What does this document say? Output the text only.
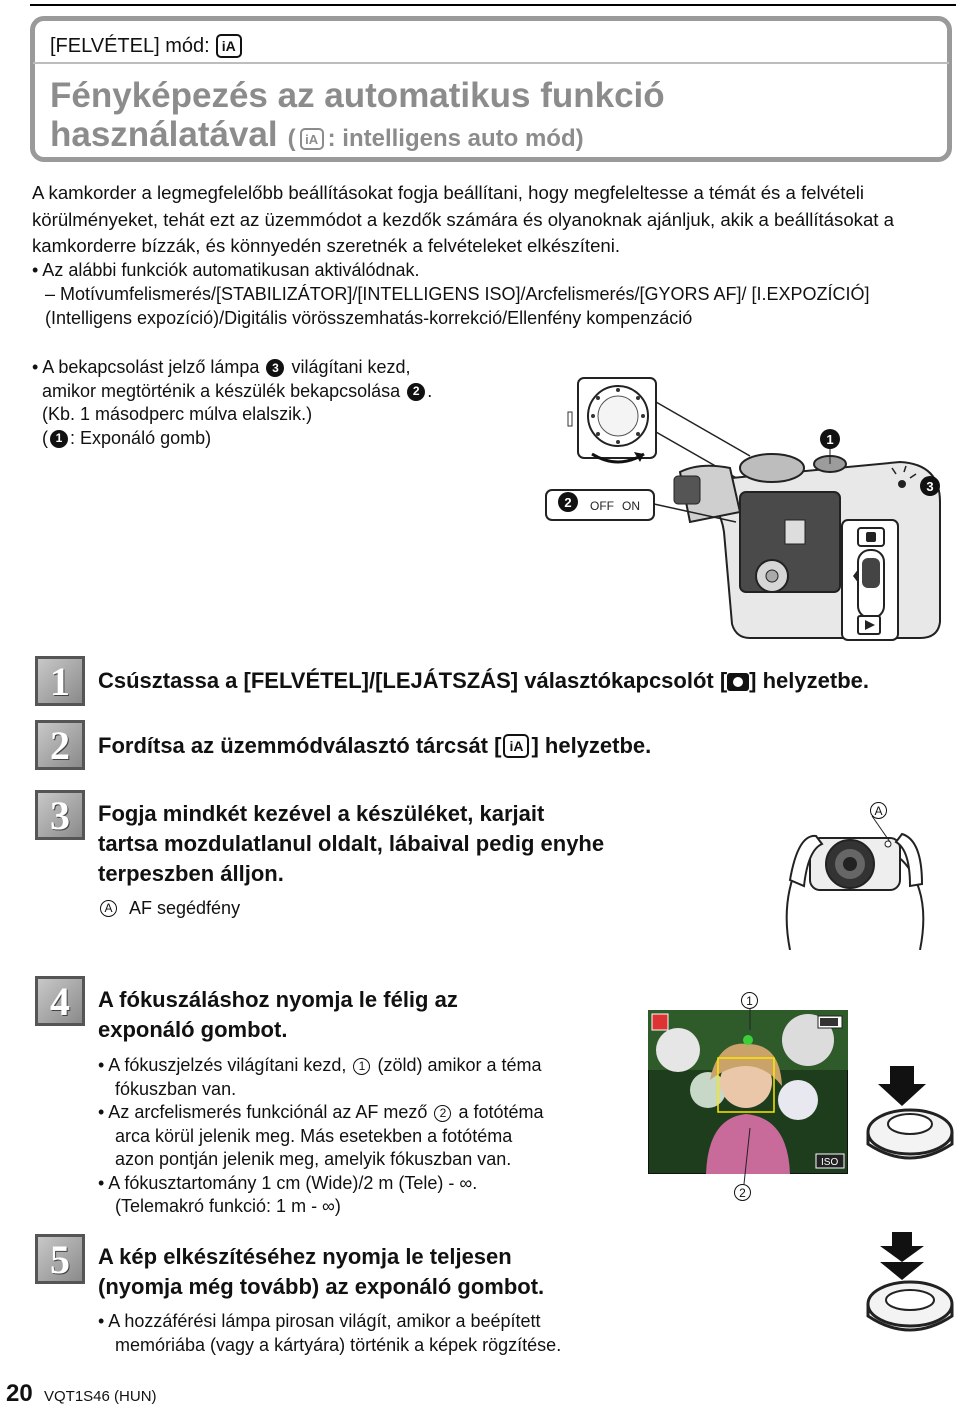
[FELVÉTEL] mód: iA
Fényképezés az automatikus funkció
használatával ( iA : intelligens auto mód)
A kamkorder a legmegfelelőbb beállításokat fogja beállítani, hogy megfeleltesse a témát és a felvételi körülményeket, tehát ezt az üzemmódot a kezdők számára és olyanoknak ajánljuk, akik a beállításokat a kamkorderre bízzák, és könnyedén szeretnék a felvételeket elkészíteni.
• Az alábbi funkciók automatikusan aktiválódnak.
– Motívumfelismerés/[STABILIZÁTOR]/[INTELLIGENS ISO]/Arcfelismerés/[GYORS AF]/ [I.EXPOZÍCIÓ] (Intelligens expozíció)/Digitális vörösszemhatás-korrekció/Ellenfény kompenzáció
• A bekapcsolást jelző lámpa 3 világítani kezd,
amikor megtörténik a készülék bekapcsolása 2 .
(Kb. 1 másodperc múlva elalszik.)
( 1 : Exponáló gomb)
OFF ON
1
2
3
1	Csúsztassa a [FELVÉTEL]/[LEJÁTSZÁS] választókapcsolót [ ] helyzetbe.
2	Fordítsa az üzemmódválasztó tárcsát [ iA ] helyzetbe.
3	Fogja mindkét kezével a készüléket, karjait
tartsa mozdulatlanul oldalt, lábaival pedig enyhe
terpeszben álljon.
A AF segédfény
A
4	A fókuszáláshoz nyomja le félig az
exponáló gombot.
• A fókuszjelzés világítani kezd, 1 (zöld) amikor a téma
fókuszban van.
• Az arcfelismerés funkciónál az AF mező 2 a fotótéma
arca körül jelenik meg. Más esetekben a fotótéma
azon pontján jelenik meg, amelyik fókuszban van.
• A fókusztartomány 1 cm (Wide)/2 m (Tele) - ∞.
(Telemakró funkció: 1 m - ∞)
ISO
1
2
5	A kép elkészítéséhez nyomja le teljesen
(nyomja még tovább) az exponáló gombot.
• A hozzáférési lámpa pirosan világít, amikor a beépített
memóriába (vagy a kártyára) történik a képek rögzítése.
20 VQT1S46 (HUN)
